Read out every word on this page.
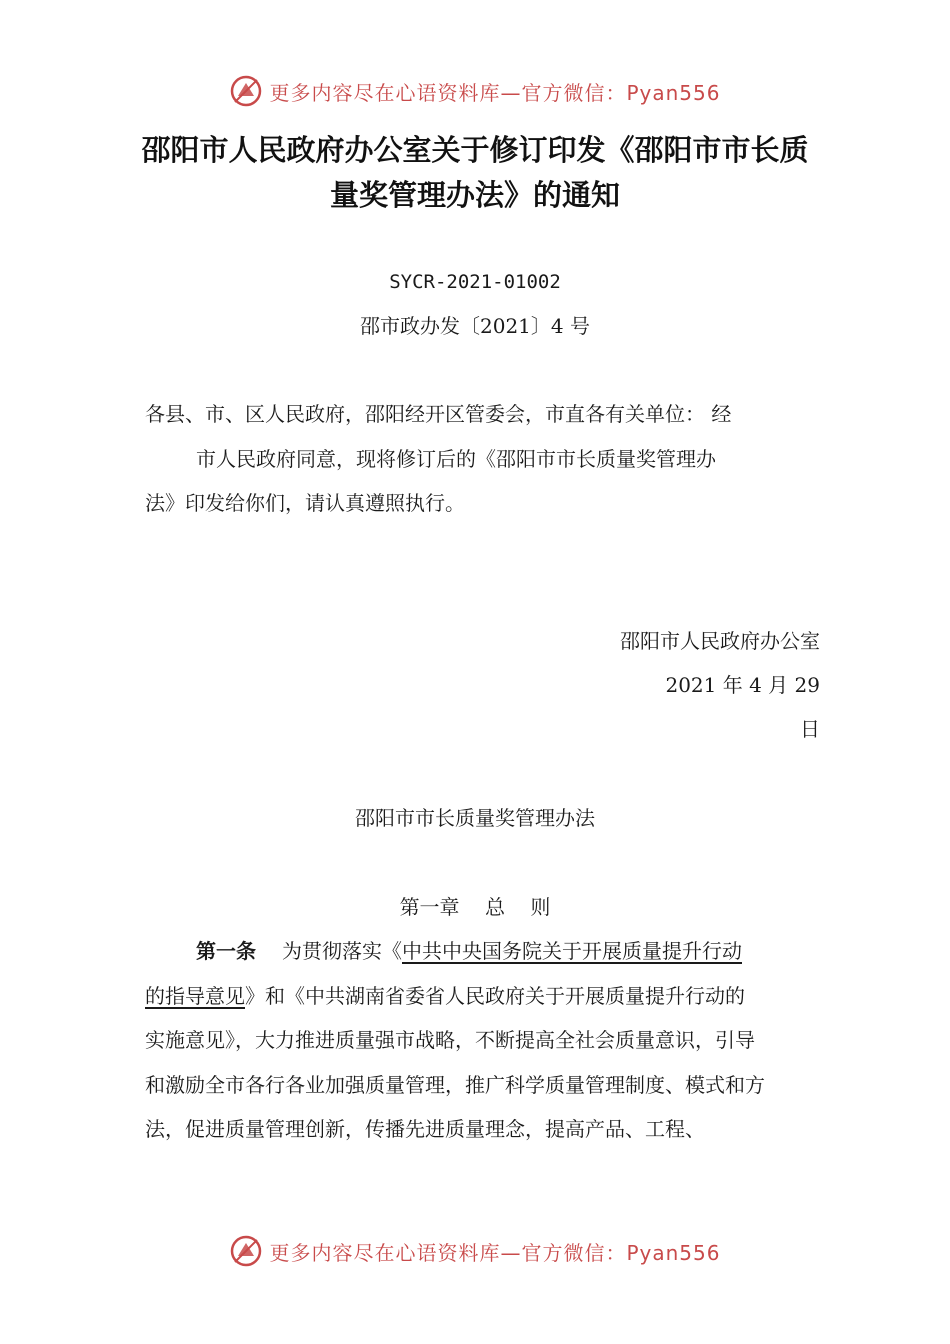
更多内容尽在心语资料库—官方微信：Pyan556
邵阳市人民政府办公室关于修订印发《邵阳市市长质
量奖管理办法》的通知
SYCR-2021-01002
邵市政办发〔2021〕4 号
各县、市、区人民政府，邵阳经开区管委会，市直各有关单位： 经
市人民政府同意，现将修订后的《邵阳市市长质量奖管理办
法》印发给你们，请认真遵照执行。
邵阳市人民政府办公室
2021 年 4 月 29
日
邵阳市市长质量奖管理办法
第一章    总    则
第一条 为贯彻落实《中共中央国务院关于开展质量提升行动
的指导意见》和《中共湖南省委省人民政府关于开展质量提升行动的
实施意见》，大力推进质量强市战略，不断提高全社会质量意识，引导
和激励全市各行各业加强质量管理，推广科学质量管理制度、模式和方
法，促进质量管理创新，传播先进质量理念，提高产品、工程、
更多内容尽在心语资料库—官方微信：Pyan556
